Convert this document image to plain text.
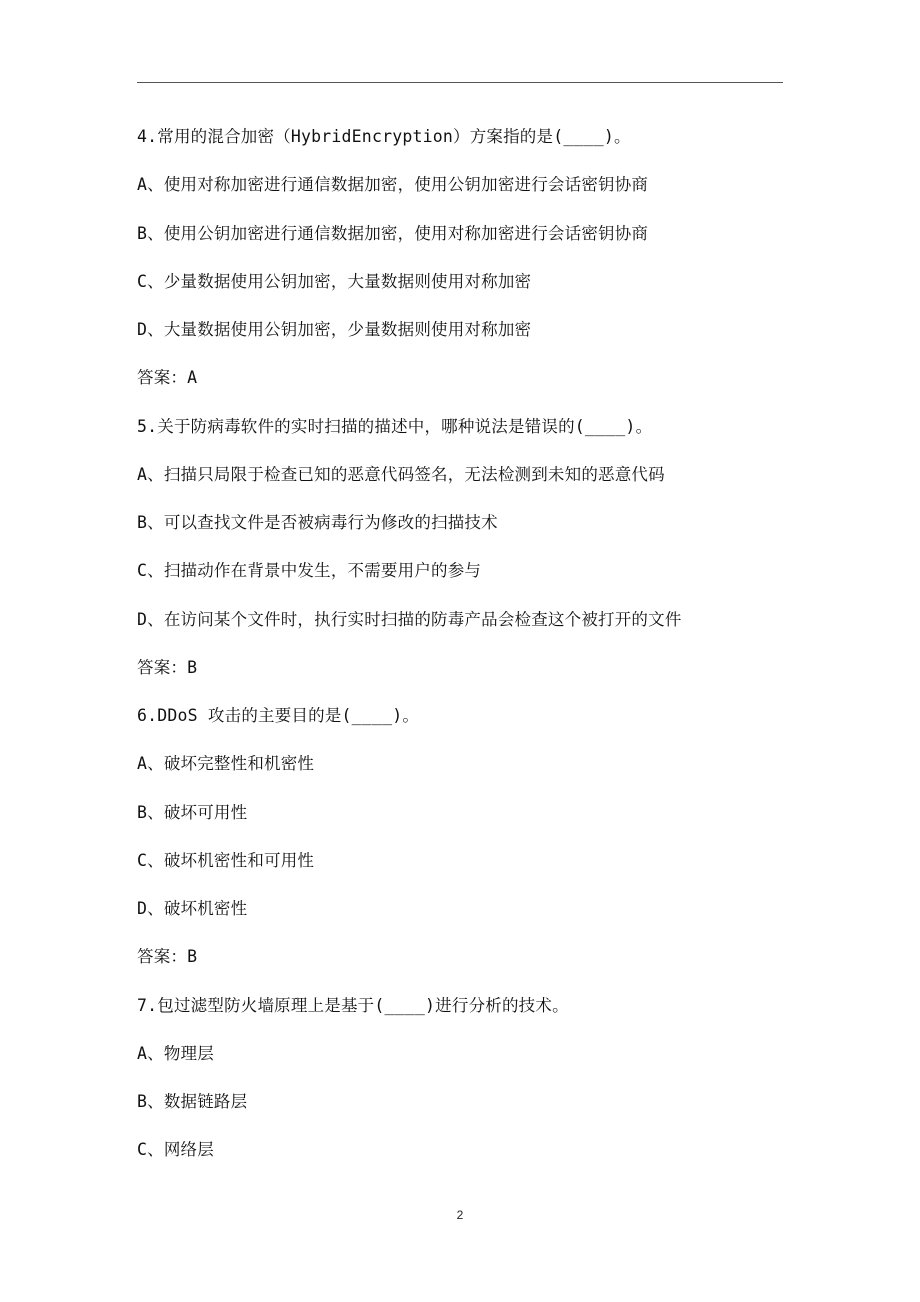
4.常用的混合加密（HybridEncryption）方案指的是(____)。
A、使用对称加密进行通信数据加密，使用公钥加密进行会话密钥协商
B、使用公钥加密进行通信数据加密，使用对称加密进行会话密钥协商
C、少量数据使用公钥加密，大量数据则使用对称加密
D、大量数据使用公钥加密，少量数据则使用对称加密
答案：A
5.关于防病毒软件的实时扫描的描述中，哪种说法是错误的(____)。
A、扫描只局限于检查已知的恶意代码签名，无法检测到未知的恶意代码
B、可以查找文件是否被病毒行为修改的扫描技术
C、扫描动作在背景中发生，不需要用户的参与
D、在访问某个文件时，执行实时扫描的防毒产品会检查这个被打开的文件
答案：B
6.DDoS 攻击的主要目的是(____)。
A、破坏完整性和机密性
B、破坏可用性
C、破坏机密性和可用性
D、破坏机密性
答案：B
7.包过滤型防火墙原理上是基于(____)进行分析的技术。
A、物理层
B、数据链路层
C、网络层
2
